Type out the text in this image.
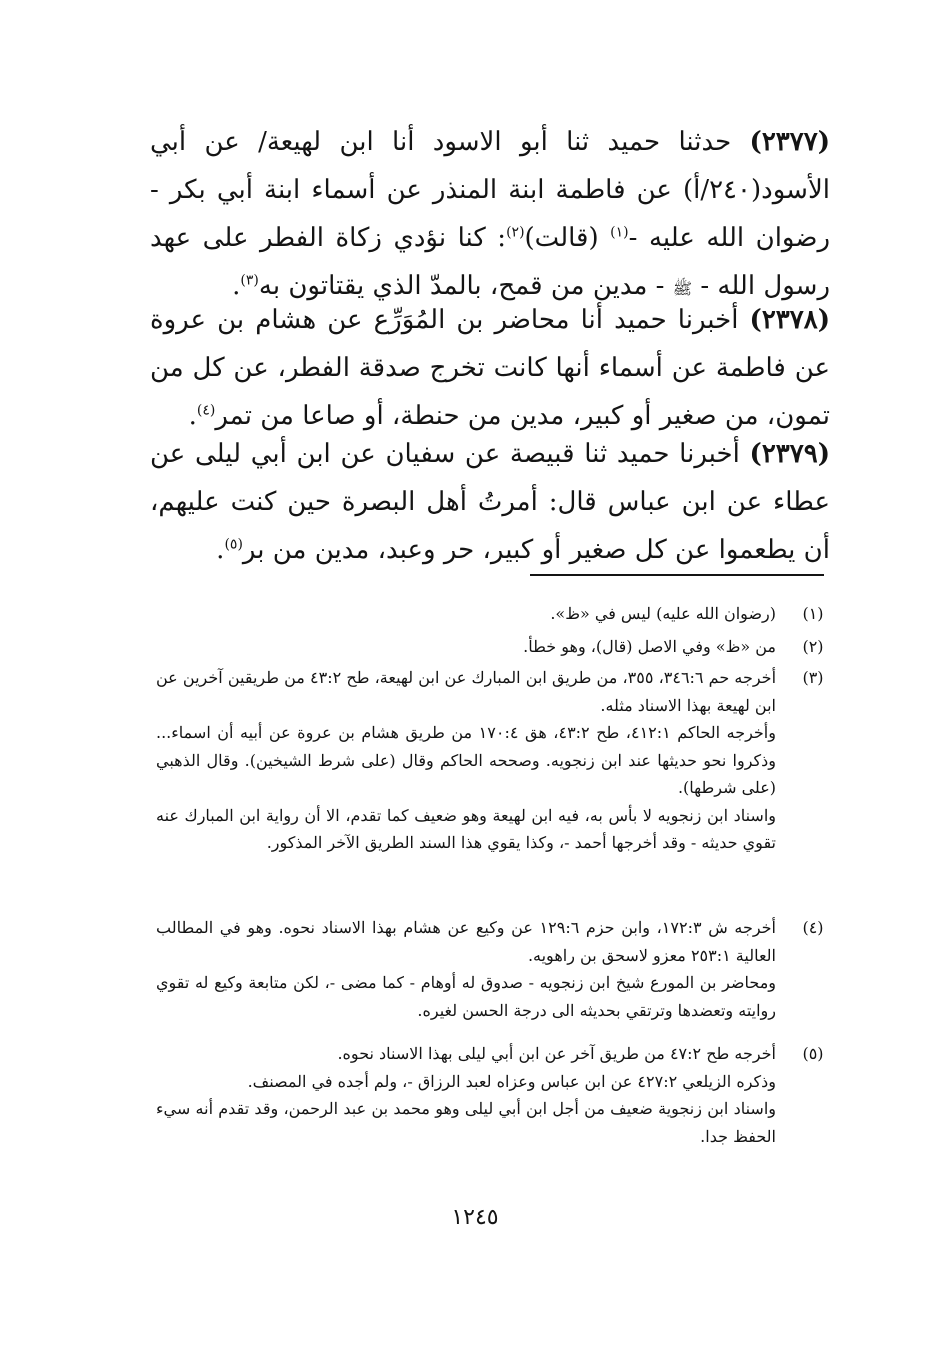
(٢٣٧٧) حدثنا حميد ثنا أبو الاسود أنا ابن لهيعة/ عن أبي الأسود(٢٤٠/أ) عن فاطمة ابنة المنذر عن أسماء ابنة أبي بكر - رضوان الله عليه -$^{(١)}$ (قالت)$^{(٢)}$: كنا نؤدي زكاة الفطر على عهد رسول الله - ﷺ - مدين من قمح، بالمدّ الذي يقتاتون به$^{(٣)}$.

(٢٣٧٨) أخبرنا حميد أنا محاضر بن المُوَرِّع عن هشام بن عروة عن فاطمة عن أسماء أنها كانت تخرج صدقة الفطر، عن كل من تمون، من صغير أو كبير، مدين من حنطة، أو صاعا من تمر$^{(٤)}$.

(٢٣٧٩) أخبرنا حميد ثنا قبيصة عن سفيان عن ابن أبي ليلى عن عطاء عن ابن عباس قال: أمرتُ أهل البصرة حين كنت عليهم، أن يطعموا عن كل صغير أو كبير، حر وعبد، مدين من بر$^{(٥)}$.

(١)

(رضوان الله عليه) ليس في «ظ».

(٢)

من «ظ» وفي الاصل (قال)، وهو خطأ.

(٣)

أخرجه حم ٣٤٦:٦، ٣٥٥، من طريق ابن المبارك عن ابن لهيعة، طح ٤٣:٢ من طريقين آخرين عن ابن لهيعة بهذا الاسناد مثله.

وأخرجه الحاكم ٤١٢:١، طح ٤٣:٢، هق ١٧٠:٤ من طريق هشام بن عروة عن أبيه أن اسماء... وذكروا نحو حديثها عند ابن زنجويه. وصححه الحاكم وقال (على شرط الشيخين). وقال الذهبي (على شرطها).

واسناد ابن زنجويه لا بأس به، فيه ابن لهيعة وهو ضعيف كما تقدم، الا أن رواية ابن المبارك عنه تقوي حديثه - وقد أخرجها أحمد -، وكذا يقوي هذا السند الطريق الآخر المذكور.

(٤)

أخرجه ش ١٧٢:٣، وابن حزم ١٢٩:٦ عن وكيع عن هشام بهذا الاسناد نحوه. وهو في المطالب العالية ٢٥٣:١ معزو لاسحق بن راهويه.

ومحاضر بن المورع شيخ ابن زنجويه - صدوق له أوهام - كما مضى -، لكن متابعة وكيع له تقوي روايته وتعضدها وترتقي بحديثه الى درجة الحسن لغيره.

(٥)

أخرجه طح ٤٧:٢ من طريق آخر عن ابن أبي ليلى بهذا الاسناد نحوه.

وذكره الزيلعي ٤٢٧:٢ عن ابن عباس وعزاه لعبد الرزاق -، ولم أجده في المصنف.

واسناد ابن زنجوية ضعيف من أجل ابن أبي ليلى وهو محمد بن عبد الرحمن، وقد تقدم أنه سيء الحفظ جدا.

١٢٤٥
